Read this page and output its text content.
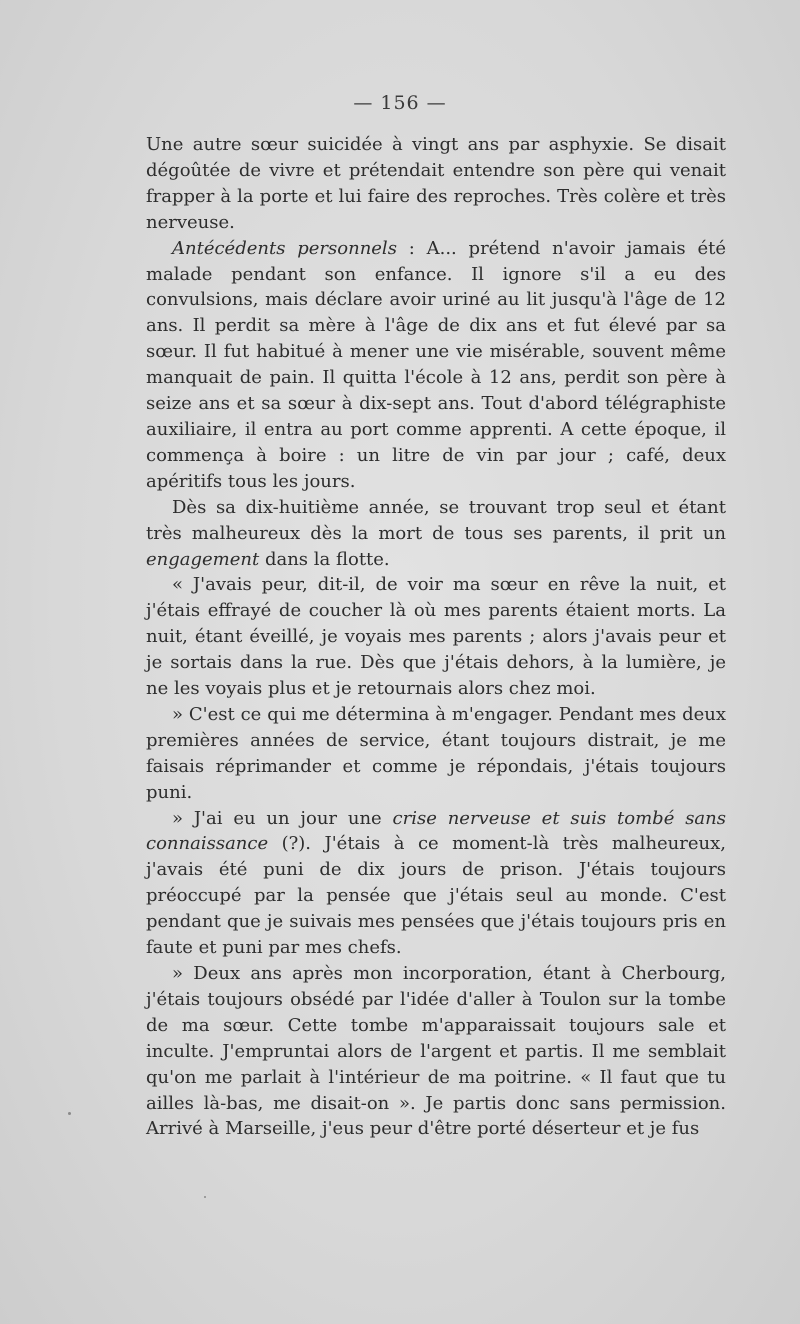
— 156 —

Une autre sœur suicidée à vingt ans par asphyxie. Se disait dégoûtée de vivre et prétendait entendre son père qui venait frapper à la porte et lui faire des reproches. Très colère et très nerveuse.

Antécédents personnels : A... prétend n'avoir jamais été malade pendant son enfance. Il ignore s'il a eu des convulsions, mais déclare avoir uriné au lit jusqu'à l'âge de 12 ans. Il perdit sa mère à l'âge de dix ans et fut élevé par sa sœur. Il fut habitué à mener une vie misérable, souvent même manquait de pain. Il quitta l'école à 12 ans, perdit son père à seize ans et sa sœur à dix-sept ans. Tout d'abord télégraphiste auxiliaire, il entra au port comme apprenti. A cette époque, il commença à boire : un litre de vin par jour ; café, deux apéritifs tous les jours.

Dès sa dix-huitième année, se trouvant trop seul et étant très malheureux dès la mort de tous ses parents, il prit un engagement dans la flotte.

« J'avais peur, dit-il, de voir ma sœur en rêve la nuit, et j'étais effrayé de coucher là où mes parents étaient morts. La nuit, étant éveillé, je voyais mes parents ; alors j'avais peur et je sortais dans la rue. Dès que j'étais dehors, à la lumière, je ne les voyais plus et je retournais alors chez moi.

» C'est ce qui me détermina à m'engager. Pendant mes deux premières années de service, étant toujours distrait, je me faisais réprimander et comme je répondais, j'étais toujours puni.

» J'ai eu un jour une crise nerveuse et suis tombé sans connaissance (?). J'étais à ce moment-là très malheureux, j'avais été puni de dix jours de prison. J'étais toujours préoccupé par la pensée que j'étais seul au monde. C'est pendant que je suivais mes pensées que j'étais toujours pris en faute et puni par mes chefs.

» Deux ans après mon incorporation, étant à Cherbourg, j'étais toujours obsédé par l'idée d'aller à Toulon sur la tombe de ma sœur. Cette tombe m'apparaissait toujours sale et inculte. J'empruntai alors de l'argent et partis. Il me semblait qu'on me parlait à l'intérieur de ma poitrine. « Il faut que tu ailles là-bas, me disait-on ». Je partis donc sans permission. Arrivé à Marseille, j'eus peur d'être porté déserteur et je fus
